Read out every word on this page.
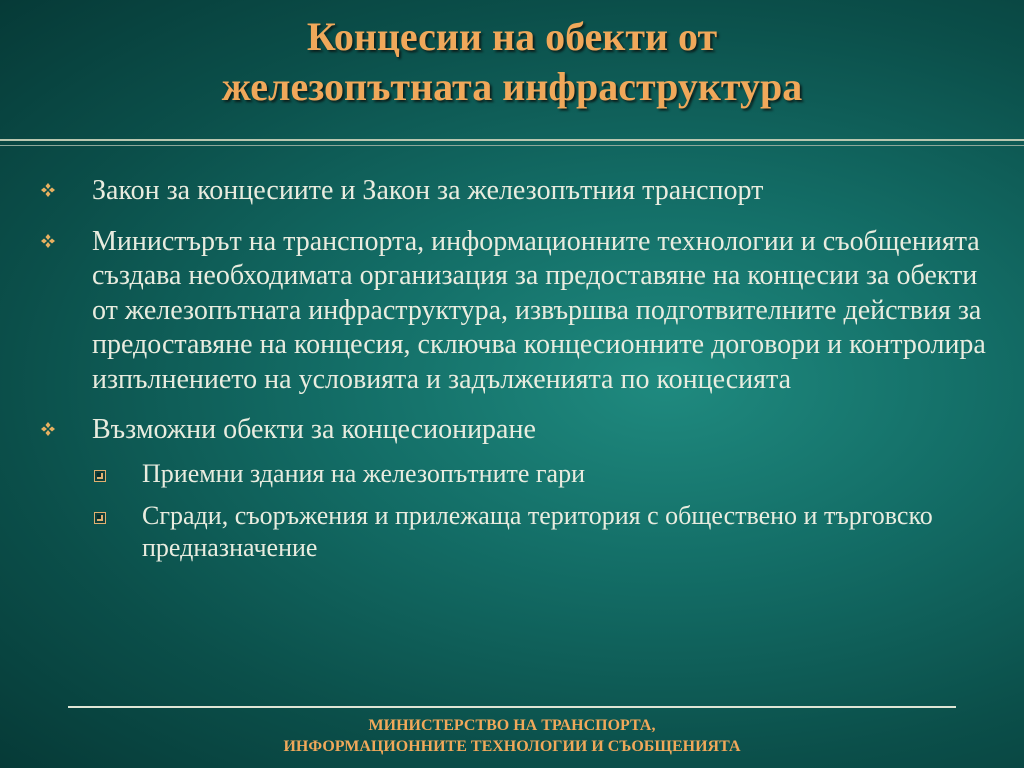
Концесии на обекти от
железопътната инфраструктура
Закон за концесиите и Закон за железопътния транспорт
Министърът на транспорта, информационните технологии и съобщенията създава необходимата организация за предоставяне на концесии за обекти от железопътната инфраструктура, извършва подготвителните действия за предоставяне на концесия, сключва концесионните договори и контролира изпълнението на условията и задълженията по концесията
Възможни обекти за концесиониране
Приемни здания на железопътните гари
Сгради, съоръжения и прилежаща територия с обществено и търговско предназначение
МИНИСТЕРСТВО НА ТРАНСПОРТА,
ИНФОРМАЦИОННИТЕ ТЕХНОЛОГИИ И СЪОБЩЕНИЯТА
